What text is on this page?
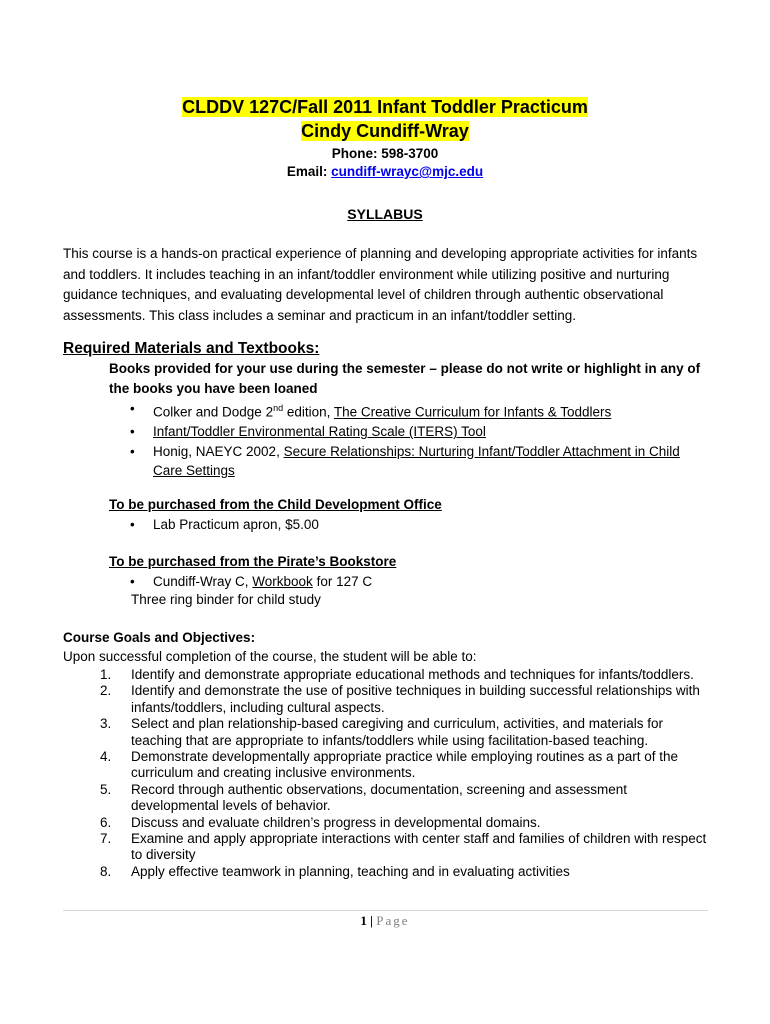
CLDDV 127C/Fall 2011 Infant Toddler Practicum
Cindy Cundiff-Wray
Phone: 598-3700
Email: cundiff-wrayc@mjc.edu
SYLLABUS
This course is a hands-on practical experience of planning and developing appropriate activities for infants and toddlers. It includes teaching in an infant/toddler environment while utilizing positive and nurturing guidance techniques, and evaluating developmental level of children through authentic observational assessments. This class includes a seminar and practicum in an infant/toddler setting.
Required Materials and Textbooks:
Books provided for your use during the semester – please do not write or highlight in any of the books you have been loaned
• Colker and Dodge 2nd edition, The Creative Curriculum for Infants & Toddlers
• Infant/Toddler Environmental Rating Scale (ITERS) Tool
• Honig, NAEYC 2002, Secure Relationships: Nurturing Infant/Toddler Attachment in Child Care Settings
To be purchased from the Child Development Office
• Lab Practicum apron, $5.00
To be purchased from the Pirate’s Bookstore
• Cundiff-Wray C, Workbook for 127 C
Three ring binder for child study
Course Goals and Objectives:
Upon successful completion of the course, the student will be able to:
1. Identify and demonstrate appropriate educational methods and techniques for infants/toddlers.
2. Identify and demonstrate the use of positive techniques in building successful relationships with infants/toddlers, including cultural aspects.
3. Select and plan relationship-based caregiving and curriculum, activities, and materials for teaching that are appropriate to infants/toddlers while using facilitation-based teaching.
4. Demonstrate developmentally appropriate practice while employing routines as a part of the curriculum and creating inclusive environments.
5. Record through authentic observations, documentation, screening and assessment developmental levels of behavior.
6. Discuss and evaluate children’s progress in developmental domains.
7. Examine and apply appropriate interactions with center staff and families of children with respect to diversity
8. Apply effective teamwork in planning, teaching and in evaluating activities
1 | Page
